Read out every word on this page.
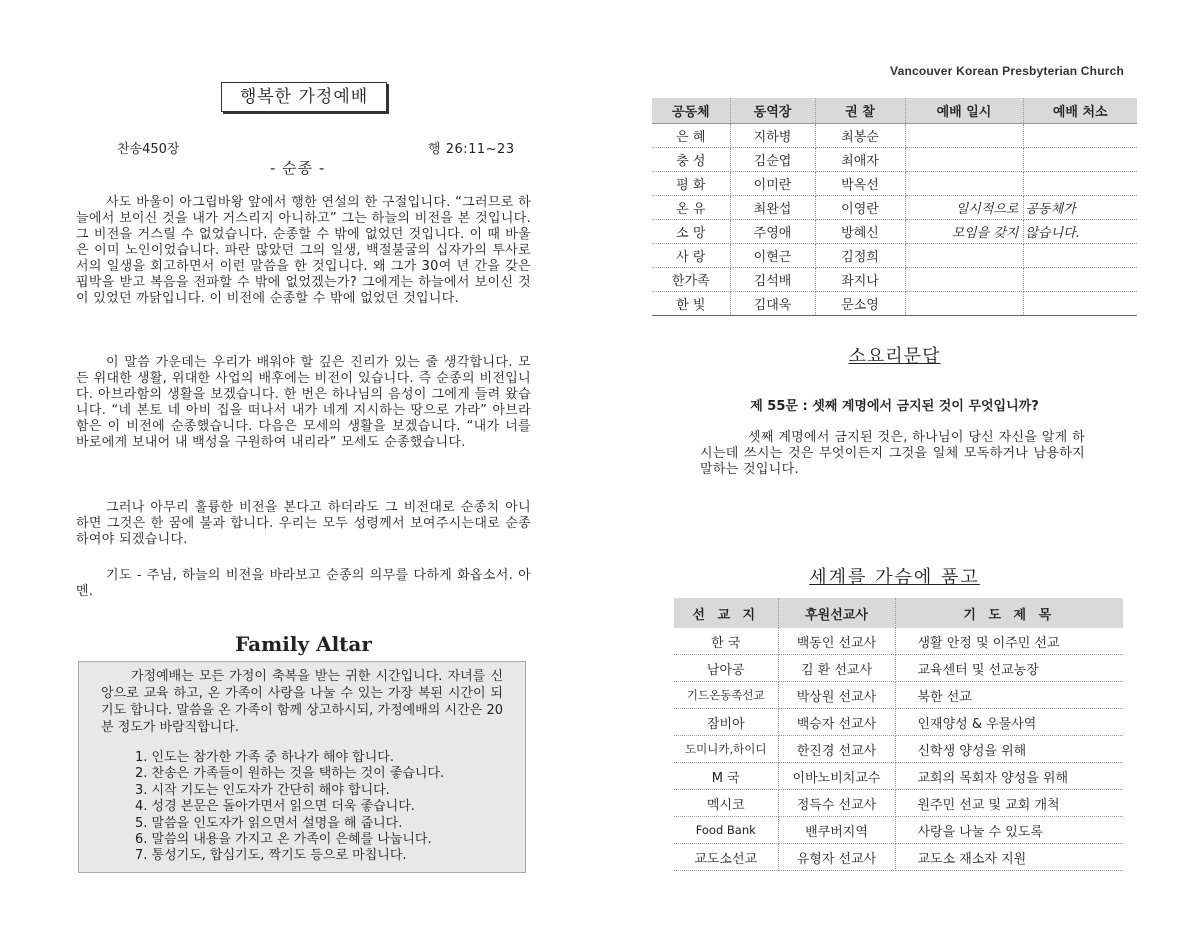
행복한 가정예배
찬송450장	행 26:11~23
- 순종 -

사도 바울이 아그립바왕 앞에서 행한 연설의 한 구절입니다. “그러므로 하늘에서 보이신 것을 내가 거스리지 아니하고” 그는 하늘의 비전을 본 것입니다. 그 비전을 거스릴 수 없었습니다. 순종할 수 밖에 없었던 것입니다. 이 때 바울은 이미 노인이었습니다. 파란 많았던 그의 일생, 백절불굴의 십자가의 투사로서의 일생을 회고하면서 이런 말씀을 한 것입니다. 왜 그가 30여 년 간을 갖은 핍박을 받고 복음을 전파할 수 밖에 없었겠는가? 그에게는 하늘에서 보이신 것이 있었던 까닭입니다. 이 비전에 순종할 수 밖에 없었던 것입니다.

이 말씀 가운데는 우리가 배워야 할 깊은 진리가 있는 줄 생각합니다. 모든 위대한 생활, 위대한 사업의 배후에는 비전이 있습니다. 즉 순종의 비전입니다. 아브라함의 생활을 보겠습니다. 한 번은 하나님의 음성이 그에게 들려 왔습니다. “네 본토 네 아비 집을 떠나서 내가 네게 지시하는 땅으로 가라” 아브라함은 이 비전에 순종했습니다. 다음은 모세의 생활을 보겠습니다. “내가 너를 바로에게 보내어 내 백성을 구원하여 내리라” 모세도 순종했습니다.

그러나 아무리 훌륭한 비전을 본다고 하더라도 그 비전대로 순종치 아니하면 그것은 한 꿈에 불과 합니다. 우리는 모두 성령께서 보여주시는대로 순종하여야 되겠습니다.

기도 - 주님, 하늘의 비전을 바라보고 순종의 의무를 다하게 화옵소서. 아멘.

Family Altar

가정예배는 모든 가정이 축복을 받는 귀한 시간입니다. 자녀를 신앙으로 교육 하고, 온 가족이 사랑을 나눌 수 있는 가장 복된 시간이 되기도 합니다. 말씀을 온 가족이 함께 상고하시되, 가정예배의 시간은 20분 정도가 바람직합니다.

1. 인도는 참가한 가족 중 하나가 해야 합니다.
2. 찬송은 가족들이 원하는 것을 택하는 것이 좋습니다.
3. 시작 기도는 인도자가 간단히 해야 합니다.
4. 성경 본문은 돌아가면서 읽으면 더욱 좋습니다.
5. 말씀을 인도자가 읽으면서 설명을 해 줍니다.
6. 말씀의 내용을 가지고 온 가족이 은혜를 나눕니다.
7. 통성기도, 합심기도, 짝기도 등으로 마칩니다.
Vancouver Korean Presbyterian Church
공동체	동역장	권 찰	예배 일시	예배 처소
은 혜	지하병	최봉순		
충 성	김순엽	최애자		
평 화	이미란	박옥선		
온 유	최완섭	이영란	일시적으로	공동체가
소 망	주영애	방혜신	모임을 갖지	않습니다.
사 랑	이현근	김정희		
한가족	김석배	좌지나		
한 빛	김대욱	문소영		
소요리문답
제 55문 : 셋째 계명에서 금지된 것이 무엇입니까?

셋째 계명에서 금지된 것은, 하나님이 당신 자신을 알게 하시는데 쓰시는 것은 무엇이든지 그것을 일체 모독하거나 남용하지 말하는 것입니다.

세계를 가슴에 품고
선 교 지	후원선교사	기 도 제 목
한 국	백동인 선교사	생활 안정 및 이주민 선교
남아공	김 환 선교사	교육센터 및 선교농장
기드온동족선교	박상원 선교사	북한 선교
잠비아	백승자 선교사	인재양성 & 우물사역
도미니카,하이디	한진경 선교사	신학생 양성을 위해
M 국	이바노비치교수	교회의 목회자 양성을 위해
멕시코	정득수 선교사	원주민 선교 및 교회 개척
Food Bank	밴쿠버지역	사랑을 나눌 수 있도록
교도소선교	유형자 선교사	교도소 재소자 지원
